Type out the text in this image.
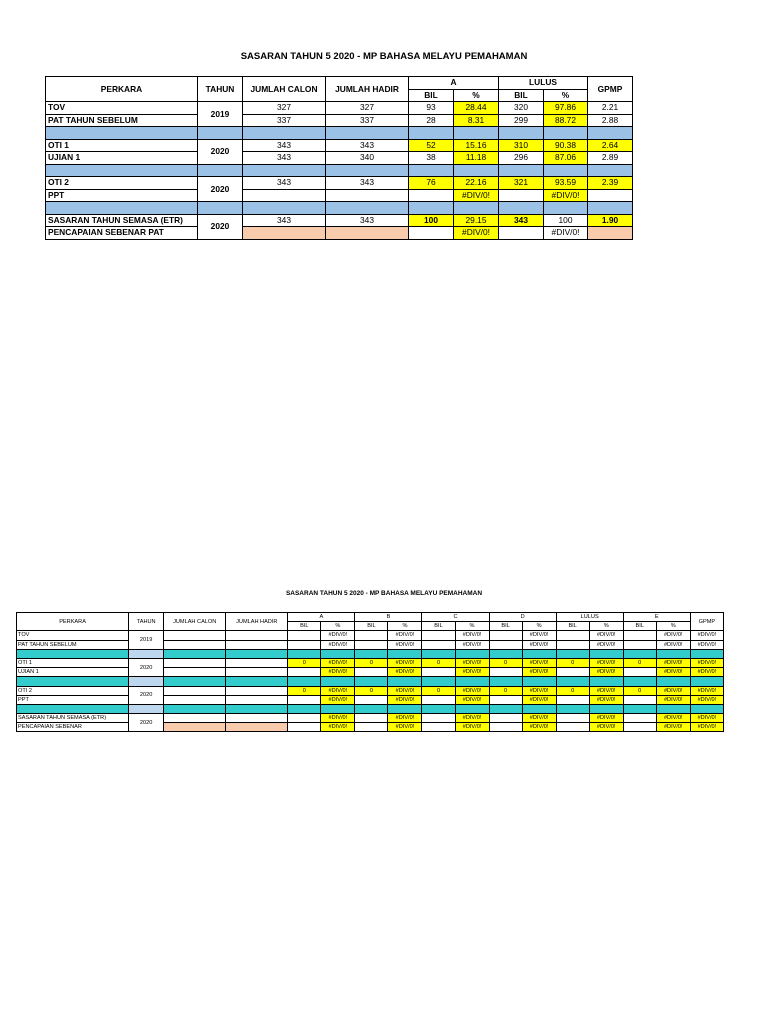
SASARAN TAHUN 5 2020 - MP BAHASA MELAYU PEMAHAMAN
PERKARA	TAHUN	JUMLAH CALON	JUMLAH HADIR	A		LULUS		GPMP
				BIL	%	BIL	%	
TOV	2019	327	327	93	28.44	320	97.86	2.21
PAT TAHUN SEBELUM		337	337	28	8.31	299	88.72	2.88

OTI 1	2020	343	343	52	15.16	310	90.38	2.64
UJIAN 1		343	340	38	11.18	296	87.06	2.89

OTI 2	2020	343	343	76	22.16	321	93.59	2.39
PPT					#DIV/0!		#DIV/0!	

SASARAN TAHUN SEMASA (ETR)	2020	343	343	100	29.15	343	100	1.90
PENCAPAIAN SEBENAR PAT					#DIV/0!		#DIV/0!	
SASARAN TAHUN 5 2020 - MP BAHASA MELAYU PEMAHAMAN
PERKARA	TAHUN	JUMLAH CALON	JUMLAH HADIR	A		B		C		D		LULUS		E		GPMP
				BIL	%	BIL	%	BIL	%	BIL	%	BIL	%	BIL	%	
TOV	2019				#DIV/0!		#DIV/0!		#DIV/0!		#DIV/0!		#DIV/0!		#DIV/0!	#DIV/0!
PAT TAHUN SEBELUM					#DIV/0!		#DIV/0!		#DIV/0!		#DIV/0!		#DIV/0!		#DIV/0!	#DIV/0!

OTI 1	2020			0	#DIV/0!	0	#DIV/0!	0	#DIV/0!	0	#DIV/0!	0	#DIV/0!	0	#DIV/0!	#DIV/0!
UJIAN 1					#DIV/0!		#DIV/0!		#DIV/0!		#DIV/0!		#DIV/0!		#DIV/0!	#DIV/0!

OTI 2	2020			0	#DIV/0!	0	#DIV/0!	0	#DIV/0!	0	#DIV/0!	0	#DIV/0!	0	#DIV/0!	#DIV/0!
PPT					#DIV/0!		#DIV/0!		#DIV/0!		#DIV/0!		#DIV/0!		#DIV/0!	#DIV/0!

SASARAN TAHUN SEMASA (ETR)	2020				#DIV/0!		#DIV/0!		#DIV/0!		#DIV/0!		#DIV/0!		#DIV/0!	#DIV/0!
PENCAPAIAN SEBENAR					#DIV/0!		#DIV/0!		#DIV/0!		#DIV/0!		#DIV/0!		#DIV/0!	#DIV/0!
